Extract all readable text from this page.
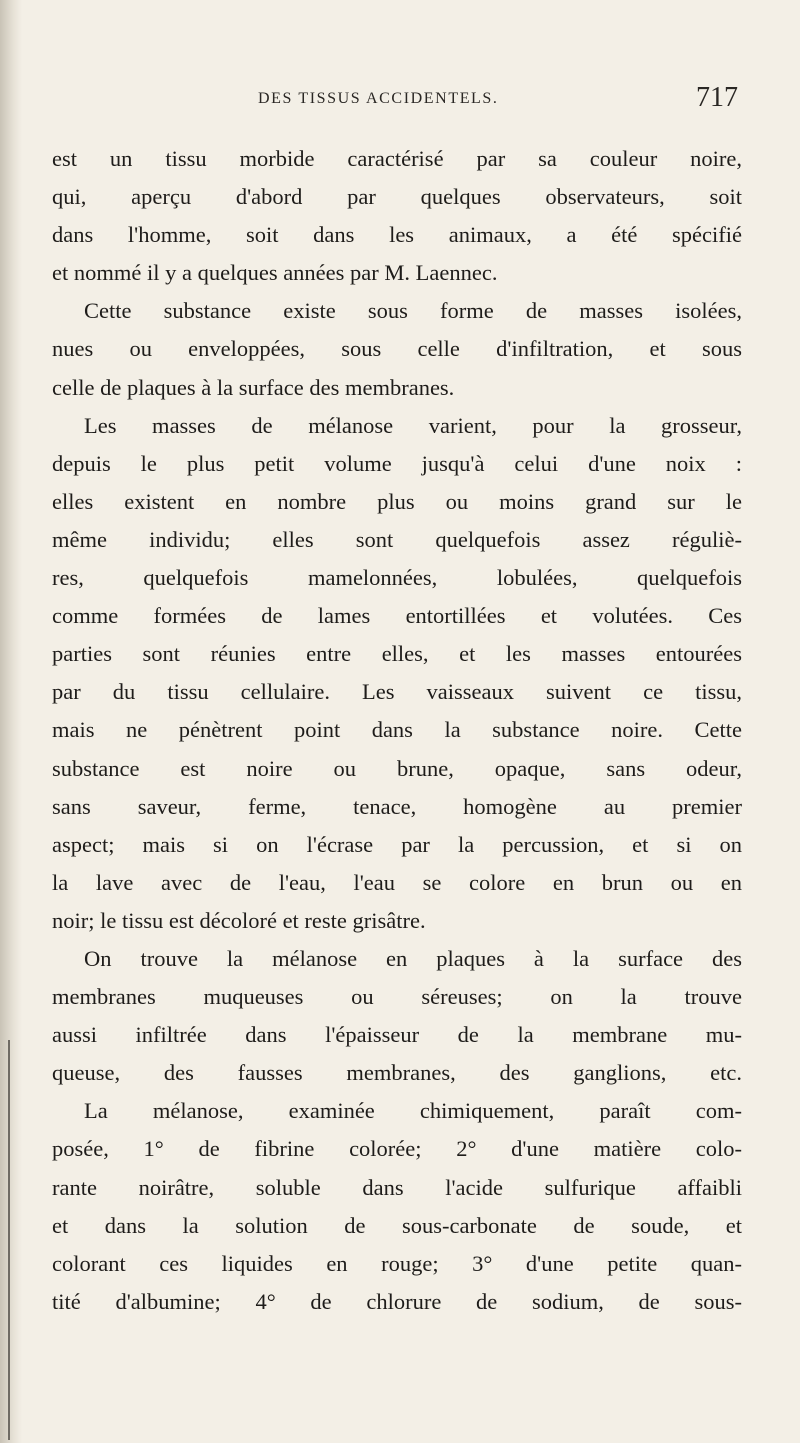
DES TISSUS ACCIDENTELS.	717
est un tissu morbide caractérisé par sa couleur noire,
qui, aperçu d'abord par quelques observateurs, soit
dans l'homme, soit dans les animaux, a été spécifié
et nommé il y a quelques années par M. Laennec.
Cette substance existe sous forme de masses isolées,
nues ou enveloppées, sous celle d'infiltration, et sous
celle de plaques à la surface des membranes.
Les masses de mélanose varient, pour la grosseur,
depuis le plus petit volume jusqu'à celui d'une noix :
elles existent en nombre plus ou moins grand sur le
même individu; elles sont quelquefois assez réguliè-
res, quelquefois mamelonnées, lobulées, quelquefois
comme formées de lames entortillées et volutées. Ces
parties sont réunies entre elles, et les masses entourées
par du tissu cellulaire. Les vaisseaux suivent ce tissu,
mais ne pénètrent point dans la substance noire. Cette
substance est noire ou brune, opaque, sans odeur,
sans saveur, ferme, tenace, homogène au premier
aspect; mais si on l'écrase par la percussion, et si on
la lave avec de l'eau, l'eau se colore en brun ou en
noir; le tissu est décoloré et reste grisâtre.
On trouve la mélanose en plaques à la surface des
membranes muqueuses ou séreuses; on la trouve
aussi infiltrée dans l'épaisseur de la membrane mu-
queuse, des fausses membranes, des ganglions, etc.
La mélanose, examinée chimiquement, paraît com-
posée, 1° de fibrine colorée; 2° d'une matière colo-
rante noirâtre, soluble dans l'acide sulfurique affaibli
et dans la solution de sous-carbonate de soude, et
colorant ces liquides en rouge; 3° d'une petite quan-
tité d'albumine; 4° de chlorure de sodium, de sous-
